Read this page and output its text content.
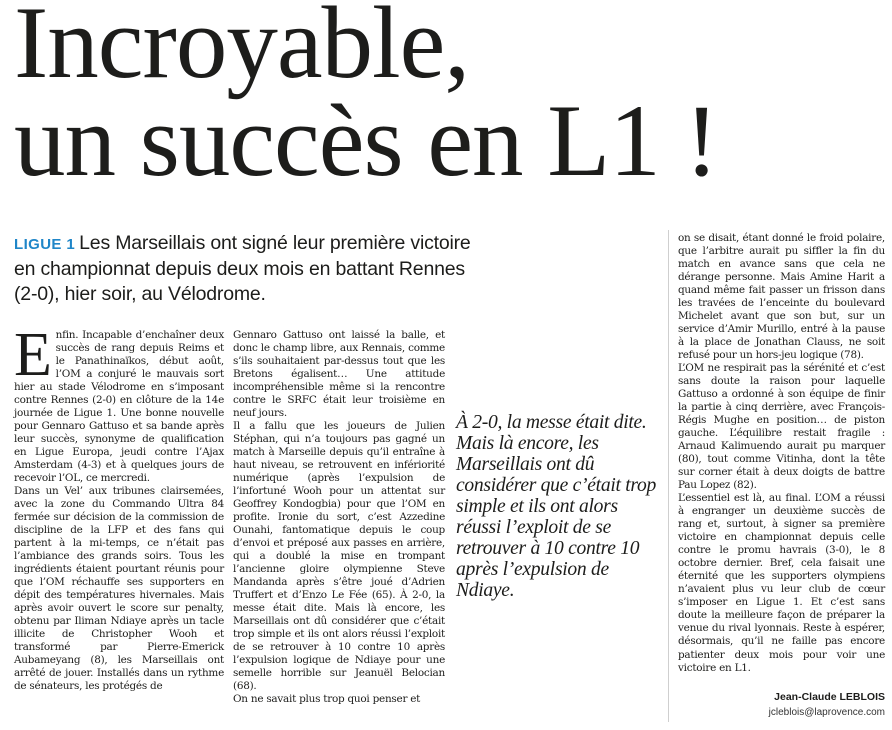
Incroyable,
un succès en L1 !
LIGUE 1 Les Marseillais ont signé leur première victoire en championnat depuis deux mois en battant Rennes (2-0), hier soir, au Vélodrome.

Enfin. Incapable d’enchaîner deux succès de rang depuis Reims et le Panathinaïkos, début août, l’OM a conjuré le mauvais sort hier au stade Vélodrome en s’imposant contre Rennes (2-0) en clôture de la 14e journée de Ligue 1. Une bonne nouvelle pour Gennaro Gattuso et sa bande après leur succès, synonyme de qualification en Ligue Europa, jeudi contre l’Ajax Amsterdam (4-3) et à quelques jours de recevoir l’OL, ce mercredi.

Dans un Vel’ aux tribunes clairsemées, avec la zone du Commando Ultra 84 fermée sur décision de la commission de discipline de la LFP et des fans qui partent à la mi-temps, ce n’était pas l’ambiance des grands soirs. Tous les ingrédients étaient pourtant réunis pour que l’OM réchauffe ses supporters en dépit des températures hivernales. Mais après avoir ouvert le score sur penalty, obtenu par Iliman Ndiaye après un tacle illicite de Christopher Wooh et transformé par Pierre-Emerick Aubameyang (8), les Marseillais ont arrêté de jouer. Installés dans un rythme de sénateurs, les protégés de

Gennaro Gattuso ont laissé la balle, et donc le champ libre, aux Rennais, comme s’ils souhaitaient par-dessus tout que les Bretons égalisent… Une attitude incompréhensible même si la rencontre contre le SRFC était leur troisième en neuf jours.

Il a fallu que les joueurs de Julien Stéphan, qui n’a toujours pas gagné un match à Marseille depuis qu’il entraîne à haut niveau, se retrouvent en infériorité numérique (après l’expulsion de l’infortuné Wooh pour un attentat sur Geoffrey Kondogbia) pour que l’OM en profite. Ironie du sort, c’est Azzedine Ounahi, fantomatique depuis le coup d’envoi et préposé aux passes en arrière, qui a doublé la mise en trompant l’ancienne gloire olympienne Steve Mandanda après s’être joué d’Adrien Truffert et d’Enzo Le Fée (65). À 2-0, la messe était dite. Mais là encore, les Marseillais ont dû considérer que c’était trop simple et ils ont alors réussi l’exploit de se retrouver à 10 contre 10 après l’expulsion logique de Ndiaye pour une semelle horrible sur Jeanuël Belocian (68).

On ne savait plus trop quoi penser et

À 2-0, la messe était dite. Mais là encore, les Marseillais ont dû considérer que c’était trop simple et ils ont alors réussi l’exploit de se retrouver à 10 contre 10 après l’expulsion de Ndiaye.

on se disait, étant donné le froid polaire, que l’arbitre aurait pu siffler la fin du match en avance sans que cela ne dérange personne. Mais Amine Harit a quand même fait passer un frisson dans les travées de l’enceinte du boulevard Michelet avant que son but, sur un service d’Amir Murillo, entré à la pause à la place de Jonathan Clauss, ne soit refusé pour un hors-jeu logique (78).

L’OM ne respirait pas la sérénité et c’est sans doute la raison pour laquelle Gattuso a ordonné à son équipe de finir la partie à cinq derrière, avec François-Régis Mughe en position… de piston gauche. L’équilibre restait fragile : Arnaud Kalimuendo aurait pu marquer (80), tout comme Vitinha, dont la tête sur corner était à deux doigts de battre Pau Lopez (82).

L’essentiel est là, au final. L’OM a réussi à engranger un deuxième succès de rang et, surtout, à signer sa première victoire en championnat depuis celle contre le promu havrais (3-0), le 8 octobre dernier. Bref, cela faisait une éternité que les supporters olympiens n’avaient plus vu leur club de cœur s’imposer en Ligue 1. Et c’est sans doute la meilleure façon de préparer la venue du rival lyonnais. Reste à espérer, désormais, qu’il ne faille pas encore patienter deux mois pour voir une victoire en L1.

Jean-Claude LEBLOIS
jcleblois@laprovence.com
